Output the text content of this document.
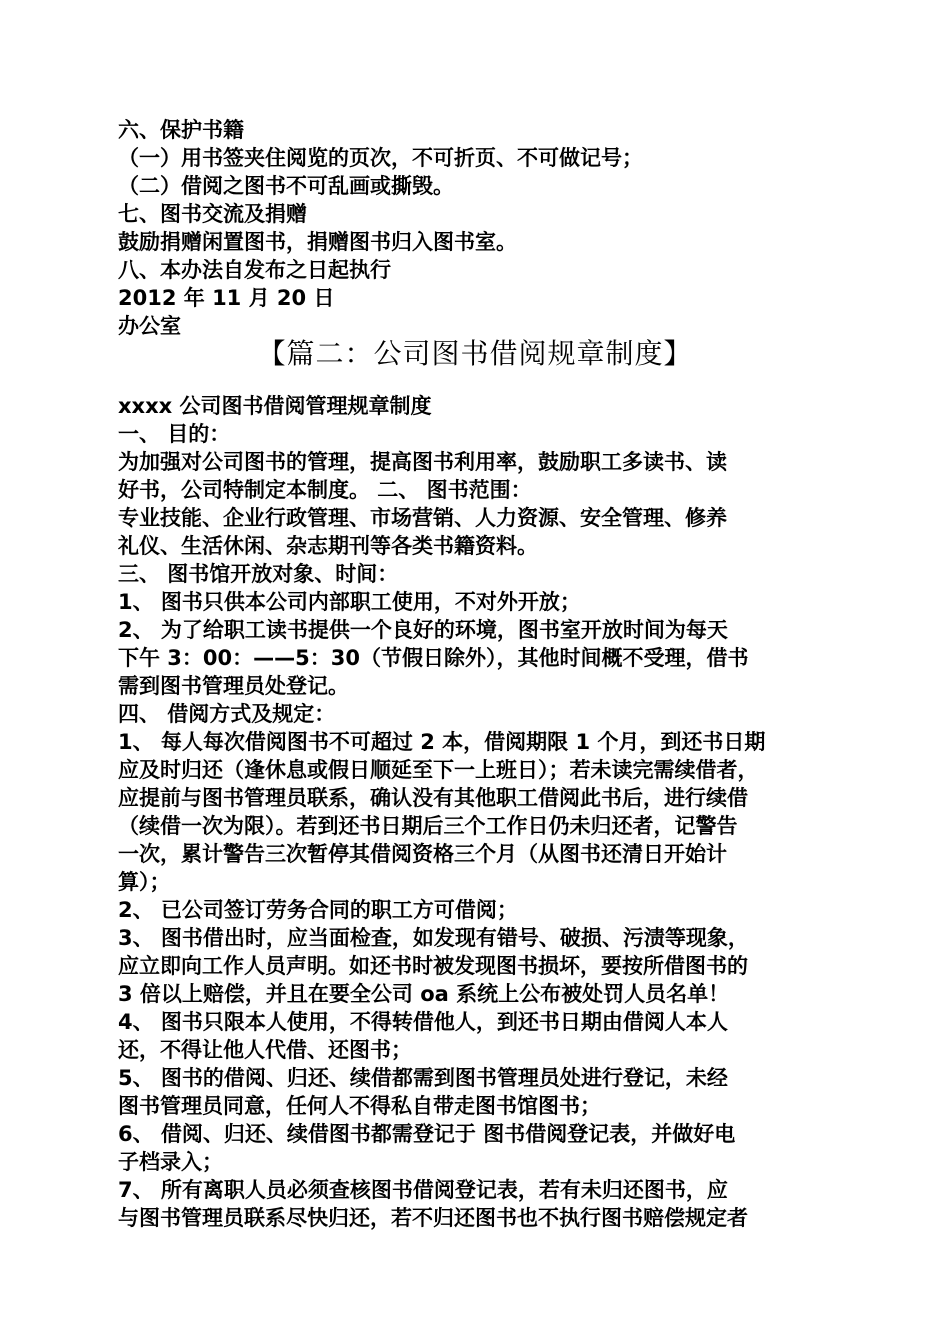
六、保护书籍
（一）用书签夹住阅览的页次，不可折页、不可做记号；
（二）借阅之图书不可乱画或撕毁。
七、图书交流及捐赠
鼓励捐赠闲置图书，捐赠图书归入图书室。
八、本办法自发布之日起执行
2012 年 11 月 20 日
办公室
【篇二：公司图书借阅规章制度】
xxxx 公司图书借阅管理规章制度
一、 目的：
为加强对公司图书的管理，提高图书利用率，鼓励职工多读书、读
好书，公司特制定本制度。 二、 图书范围：
专业技能、企业行政管理、市场营销、人力资源、安全管理、修养
礼仪、生活休闲、杂志期刊等各类书籍资料。
三、 图书馆开放对象、时间：
1、 图书只供本公司内部职工使用，不对外开放；
2、 为了给职工读书提供一个良好的环境，图书室开放时间为每天
下午 3：00：——5：30（节假日除外），其他时间概不受理，借书
需到图书管理员处登记。
四、 借阅方式及规定：
1、 每人每次借阅图书不可超过 2 本，借阅期限 1 个月，到还书日期
应及时归还（逢休息或假日顺延至下一上班日）；若未读完需续借者，
应提前与图书管理员联系，确认没有其他职工借阅此书后，进行续借
（续借一次为限）。若到还书日期后三个工作日仍未归还者，记警告
一次，累计警告三次暂停其借阅资格三个月（从图书还清日开始计
算）；
2、 已公司签订劳务合同的职工方可借阅；
3、 图书借出时，应当面检查，如发现有错号、破损、污渍等现象，
应立即向工作人员声明。如还书时被发现图书损坏，要按所借图书的
3 倍以上赔偿，并且在要全公司 oa 系统上公布被处罚人员名单！
4、 图书只限本人使用，不得转借他人，到还书日期由借阅人本人
还，不得让他人代借、还图书；
5、 图书的借阅、归还、续借都需到图书管理员处进行登记，未经
图书管理员同意，任何人不得私自带走图书馆图书；
6、 借阅、归还、续借图书都需登记于 图书借阅登记表，并做好电
子档录入；
7、 所有离职人员必须查核图书借阅登记表，若有未归还图书，应
与图书管理员联系尽快归还，若不归还图书也不执行图书赔偿规定者
